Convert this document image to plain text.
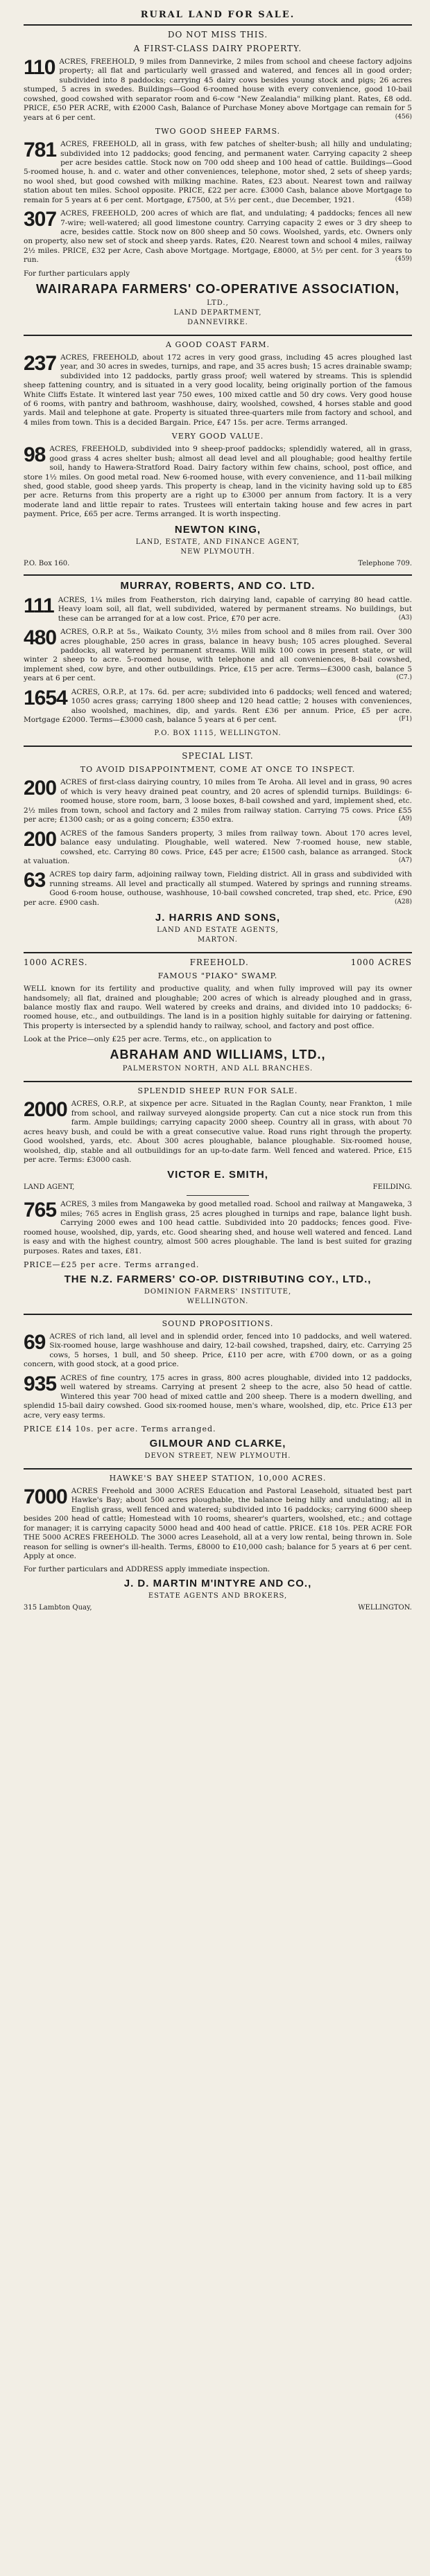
RURAL LAND FOR SALE.
DO NOT MISS THIS.
A FIRST-CLASS DAIRY PROPERTY.
110 ACRES, FREEHOLD, 9 miles from Dannevirke, 2 miles from school and cheese factory adjoins property; all flat and particularly well grassed and watered, and fences all in good order; subdivided into 8 paddocks; carrying 45 dairy cows besides young stock and pigs; 26 acres stumped, 5 acres in swedes. Buildings—Good 6-roomed house with every convenience, good 10-bail cowshed, good cowshed with separator room and 6-cow "New Zealandia" milking plant. Rates, £8 odd. PRICE, £50 PER ACRE, with £2000 Cash, Balance of Purchase Money above Mortgage can remain for 5 years at 6 per cent.	(456)
TWO GOOD SHEEP FARMS.
781 ACRES, FREEHOLD, all in grass, with few patches of shelter-bush; all hilly and undulating; subdivided into 12 paddocks; good fencing, and permanent water. Carrying capacity 2 sheep per acre besides cattle. Stock now on 700 odd sheep and 100 head of cattle. Buildings—Good 5-roomed house, h. and c. water and other conveniences, telephone, motor shed, 2 sets of sheep yards; no wool shed, but good cowshed with milking machine. Rates, £23 about. Nearest town and railway station about ten miles. School opposite. PRICE, £22 per acre. £3000 Cash, balance above Mortgage to remain for 5 years at 6 per cent. Mortgage, £7500, at 5½ per cent., due December, 1921.	(458)
307 ACRES, FREEHOLD, 200 acres of which are flat, and undulating; 4 paddocks; fences all new 7-wire; well-watered; all good limestone country. Carrying capacity 2 ewes or 3 dry sheep to acre, besides cattle. Stock now on 800 sheep and 50 cows. Woolshed, yards, etc. Owners only on property, also new set of stock and sheep yards. Rates, £20. Nearest town and school 4 miles, railway 2½ miles. PRICE, £32 per Acre, Cash above Mortgage. Mortgage, £8000, at 5½ per cent. for 3 years to run.	(459)
For further particulars apply
WAIRARAPA FARMERS' CO-OPERATIVE ASSOCIATION,
LTD.,
LAND DEPARTMENT,
DANNEVIRKE.
A GOOD COAST FARM.
237 ACRES, FREEHOLD, about 172 acres in very good grass, including 45 acres ploughed last year, and 30 acres in swedes, turnips, and rape, and 35 acres bush; 15 acres drainable swamp; subdivided into 12 paddocks, partly grass proof; well watered by streams. This is splendid sheep fattening country, and is situated in a very good locality, being originally portion of the famous White Cliffs Estate. It wintered last year 750 ewes, 100 mixed cattle and 50 dry cows. Very good house of 6 rooms, with pantry and bathroom, washhouse, dairy, woolshed, cowshed, 4 horses stable and good yards. Mail and telephone at gate. Property is situated three-quarters mile from factory and school, and 4 miles from town. This is a decided Bargain. Price, £47 15s. per acre. Terms arranged.
VERY GOOD VALUE.
98 ACRES, FREEHOLD, subdivided into 9 sheep-proof paddocks; splendidly watered, all in grass, good grass 4 acres shelter bush; almost all dead level and all ploughable; good healthy fertile soil, handy to Hawera-Stratford Road. Dairy factory within few chains, school, post office, and store 1½ miles. On good metal road. New 6-roomed house, with every convenience, and 11-bail milking shed, good stable, good sheep yards. This property is cheap, land in the vicinity having sold up to £85 per acre. Returns from this property are a right up to £3000 per annum from factory. It is a very moderate land and little repair to rates. Trustees will entertain taking house and few acres in part payment. Price, £65 per acre. Terms arranged. It is worth inspecting.
NEWTON KING,
LAND, ESTATE, AND FINANCE AGENT,
NEW PLYMOUTH.
P.O. Box 160.	Telephone 709.
MURRAY, ROBERTS, AND CO. LTD.
111 ACRES, 1¼ miles from Featherston, rich dairying land, capable of carrying 80 head cattle. Heavy loam soil, all flat, well subdivided, watered by permanent streams. No buildings, but these can be arranged for at a low cost. Price, £70 per acre.	(A3)
480 ACRES, O.R.P. at 5s., Waikato County, 3½ miles from school and 8 miles from rail. Over 300 acres ploughable, 250 acres in grass, balance in heavy bush; 105 acres ploughed. Several paddocks, all watered by permanent streams. Will milk 100 cows in present state, or will winter 2 sheep to acre. 5-roomed house, with telephone and all conveniences, 8-bail cowshed, implement shed, cow byre, and other outbuildings. Price, £15 per acre. Terms—£3000 cash, balance 5 years at 6 per cent.	(C7.)
1654 ACRES, O.R.P., at 17s. 6d. per acre; subdivided into 6 paddocks; well fenced and watered; 1050 acres grass; carrying 1800 sheep and 120 head cattle; 2 houses with conveniences, also woolshed, machines, dip, and yards. Rent £36 per annum. Price, £5 per acre. Mortgage £2000. Terms—£3000 cash, balance 5 years at 6 per cent.	(F1)
P.O. BOX 1115, WELLINGTON.
SPECIAL LIST.
TO AVOID DISAPPOINTMENT, COME AT ONCE TO INSPECT.
200 ACRES of first-class dairying country, 10 miles from Te Aroha. All level and in grass, 90 acres of which is very heavy drained peat country, and 20 acres of splendid turnips. Buildings: 6-roomed house, store room, barn, 3 loose boxes, 8-bail cowshed and yard, implement shed, etc. 2½ miles from town, school and factory and 2 miles from railway station. Carrying 75 cows. Price £55 per acre; £1300 cash; or as a going concern; £350 extra.	(A9)
200 ACRES of the famous Sanders property, 3 miles from railway town. About 170 acres level, balance easy undulating. Ploughable, well watered. New 7-roomed house, new stable, cowshed, etc. Carrying 80 cows. Price, £45 per acre; £1500 cash, balance as arranged. Stock at valuation.	(A7)
63 ACRES top dairy farm, adjoining railway town, Fielding district. All in grass and subdivided with running streams. All level and practically all stumped. Watered by springs and running streams. Good 6-room house, outhouse, washhouse, 10-bail cowshed concreted, trap shed, etc. Price, £90 per acre. £900 cash.	(A28)
J. HARRIS AND SONS,
LAND AND ESTATE AGENTS,
MARTON.
1000 ACRES.	FREEHOLD.	1000 ACRES
FAMOUS "PIAKO" SWAMP.
WELL known for its fertility and productive quality, and when fully improved will pay its owner handsomely; all flat, drained and ploughable; 200 acres of which is already ploughed and in grass, balance mostly flax and raupo. Well watered by creeks and drains, and divided into 10 paddocks; 6-roomed house, etc., and outbuildings. The land is in a position highly suitable for dairying or fattening. This property is intersected by a splendid handy to railway, school, and factory and post office.
Look at the Price—only £25 per acre. Terms, etc., on application to
ABRAHAM AND WILLIAMS, LTD.,
PALMERSTON NORTH, AND ALL BRANCHES.
SPLENDID SHEEP RUN FOR SALE.
2000 ACRES, O.R.P., at sixpence per acre. Situated in the Raglan County, near Frankton, 1 mile from school, and railway surveyed alongside property. Can cut a nice stock run from this farm. Ample buildings; carrying capacity 2000 sheep. Country all in grass, with about 70 acres heavy bush, and could be with a great consecutive value. Road runs right through the property. Good woolshed, yards, etc. About 300 acres ploughable, balance ploughable. Six-roomed house, woolshed, dip, stable and all outbuildings for an up-to-date farm. Well fenced and watered. Price, £15 per acre. Terms: £3000 cash.
VICTOR E. SMITH,
LAND AGENT,	FEILDING.
765 ACRES, 3 miles from Mangaweka by good metalled road. School and railway at Mangaweka, 3 miles; 765 acres in English grass, 25 acres ploughed in turnips and rape, balance light bush. Carrying 2000 ewes and 100 head cattle. Subdivided into 20 paddocks; fences good. Five-roomed house, woolshed, dip, yards, etc. Good shearing shed, and house well watered and fenced. Land is easy and with the highest country, almost 500 acres ploughable. The land is best suited for grazing purposes. Rates and taxes, £81.
PRICE—£25 per acre. Terms arranged.
THE N.Z. FARMERS' CO-OP. DISTRIBUTING COY., LTD.,
DOMINION FARMERS' INSTITUTE,
WELLINGTON.
SOUND PROPOSITIONS.
69 ACRES of rich land, all level and in splendid order, fenced into 10 paddocks, and well watered. Six-roomed house, large washhouse and dairy, 12-bail cowshed, trapshed, dairy, etc. Carrying 25 cows, 5 horses, 1 bull, and 50 sheep. Price, £110 per acre, with £700 down, or as a going concern, with good stock, at a good price.
935 ACRES of fine country, 175 acres in grass, 800 acres ploughable, divided into 12 paddocks, well watered by streams. Carrying at present 2 sheep to the acre, also 50 head of cattle. Wintered this year 700 head of mixed cattle and 200 sheep. There is a modern dwelling, and splendid 15-bail dairy cowshed. Good six-roomed house, men's whare, woolshed, dip, etc. Price £13 per acre, very easy terms.
PRICE £14 10s. per acre. Terms arranged.
GILMOUR AND CLARKE,
DEVON STREET, NEW PLYMOUTH.
HAWKE'S BAY SHEEP STATION, 10,000 ACRES.
7000 ACRES Freehold and 3000 ACRES Education and Pastoral Leasehold, situated best part Hawke's Bay; about 500 acres ploughable, the balance being hilly and undulating; all in English grass, well fenced and watered; subdivided into 16 paddocks; carrying 6000 sheep besides 200 head of cattle; Homestead with 10 rooms, shearer's quarters, woolshed, etc.; and cottage for manager; it is carrying capacity 5000 head and 400 head of cattle. PRICE. £18 10s. PER ACRE FOR THE 5000 ACRES FREEHOLD. The 3000 acres Leasehold, all at a very low rental, being thrown in. Sole reason for selling is owner's ill-health. Terms, £8000 to £10,000 cash; balance for 5 years at 6 per cent. Apply at once.
For further particulars and ADDRESS apply immediate inspection.
J. D. MARTIN M'INTYRE AND CO.,
ESTATE AGENTS AND BROKERS,
315 Lambton Quay,	WELLINGTON.
